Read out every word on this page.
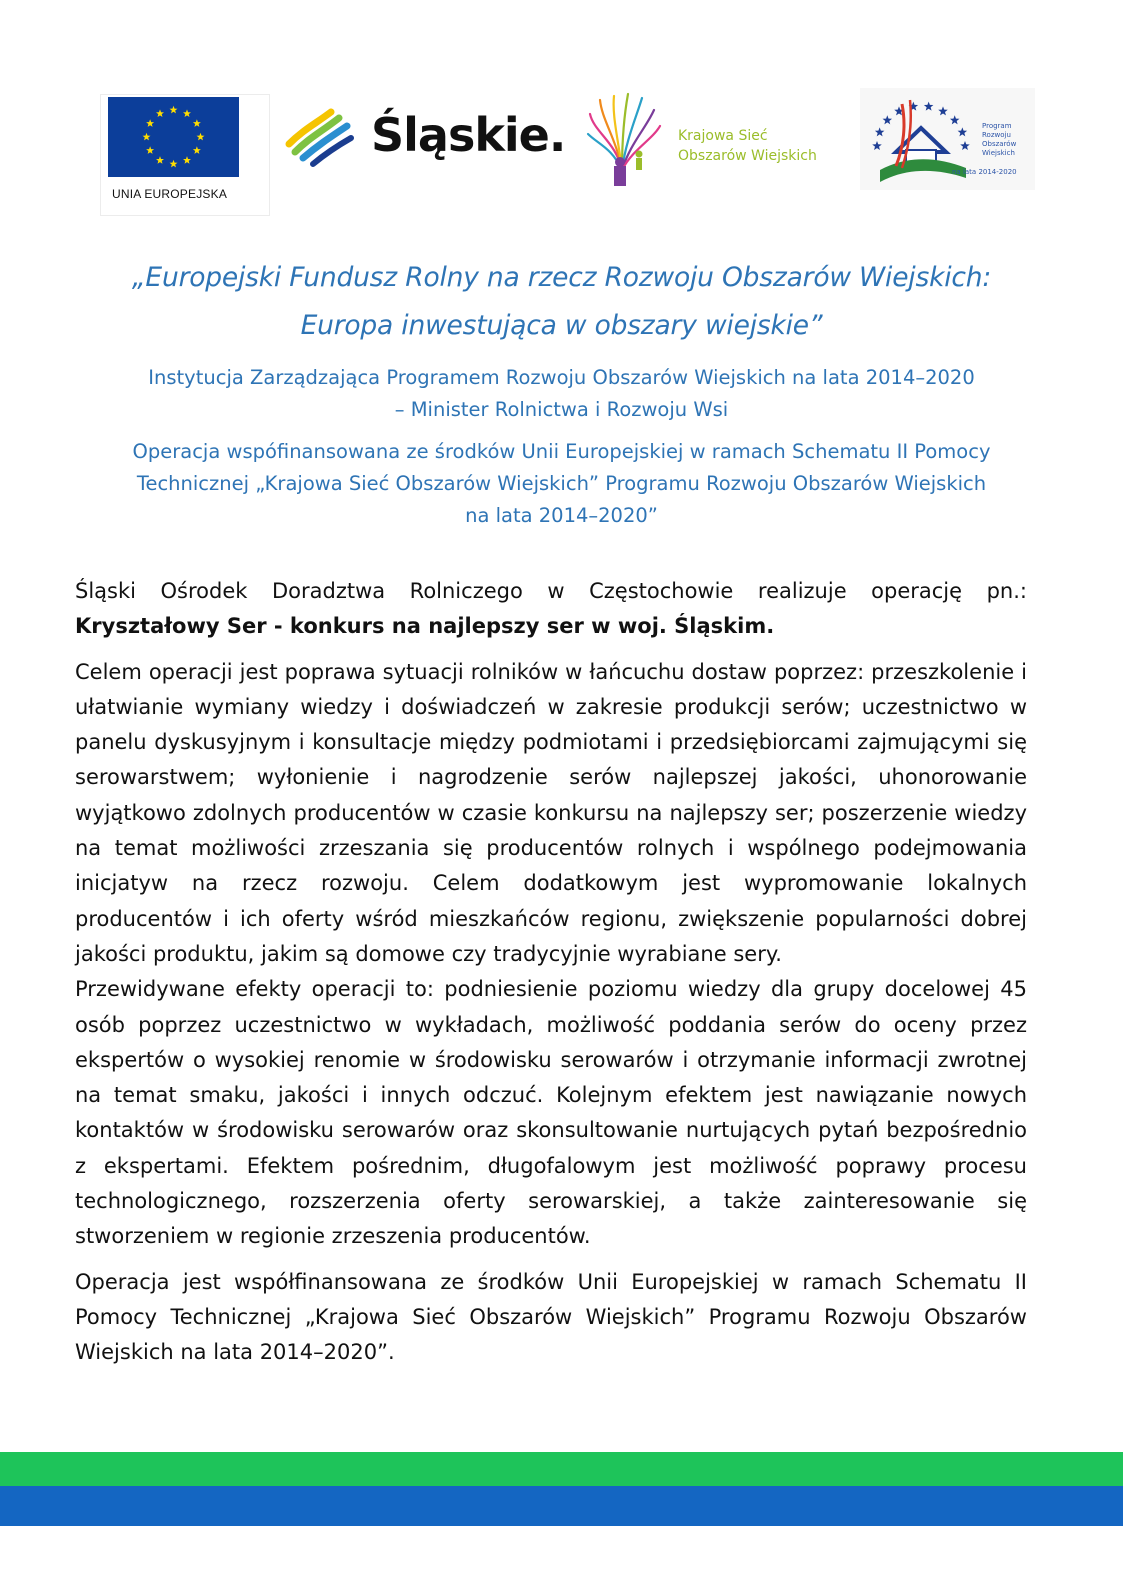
UNIA EUROPEJSKA
Śląskie.	Krajowa Sieć
Obszarów Wiejskich
Program
Rozwoju
Obszarów
Wiejskich
na lata 2014-2020
„Europejski Fundusz Rolny na rzecz Rozwoju Obszarów Wiejskich:
Europa inwestująca w obszary wiejskie”
Instytucja Zarządzająca Programem Rozwoju Obszarów Wiejskich na lata 2014–2020
– Minister Rolnictwa i Rozwoju Wsi
Operacja wspófinansowana ze środków Unii Europejskiej w ramach Schematu II Pomocy
Technicznej „Krajowa Sieć Obszarów Wiejskich” Programu Rozwoju Obszarów Wiejskich
na lata 2014–2020”

Śląski Ośrodek Doradztwa Rolniczego w Częstochowie realizuje operację pn.: Kryształowy Ser - konkurs na najlepszy ser w woj. Śląskim.

Celem operacji jest poprawa sytuacji rolników w łańcuchu dostaw poprzez: przeszkolenie i ułatwianie wymiany wiedzy i doświadczeń w zakresie produkcji serów; uczestnictwo w panelu dyskusyjnym i konsultacje między podmiotami i przedsiębiorcami zajmującymi się serowarstwem; wyłonienie i nagrodzenie serów najlepszej jakości, uhonorowanie wyjątkowo zdolnych producentów w czasie konkursu na najlepszy ser; poszerzenie wiedzy na temat możliwości zrzeszania się producentów rolnych i wspólnego podejmowania inicjatyw na rzecz rozwoju. Celem dodatkowym jest wypromowanie lokalnych producentów i ich oferty wśród mieszkańców regionu, zwiększenie popularności dobrej jakości produktu, jakim są domowe czy tradycyjnie wyrabiane sery.

Przewidywane efekty operacji to: podniesienie poziomu wiedzy dla grupy docelowej 45 osób poprzez uczestnictwo w wykładach, możliwość poddania serów do oceny przez ekspertów o wysokiej renomie w środowisku serowarów i otrzymanie informacji zwrotnej na temat smaku, jakości i innych odczuć. Kolejnym efektem jest nawiązanie nowych kontaktów w środowisku serowarów oraz skonsultowanie nurtujących pytań bezpośrednio z ekspertami. Efektem pośrednim, długofalowym jest możliwość poprawy procesu technologicznego, rozszerzenia oferty serowarskiej, a także zainteresowanie się stworzeniem w regionie zrzeszenia producentów.

Operacja jest współfinansowana ze środków Unii Europejskiej w ramach Schematu II Pomocy Technicznej „Krajowa Sieć Obszarów Wiejskich” Programu Rozwoju Obszarów Wiejskich na lata 2014–2020”.
